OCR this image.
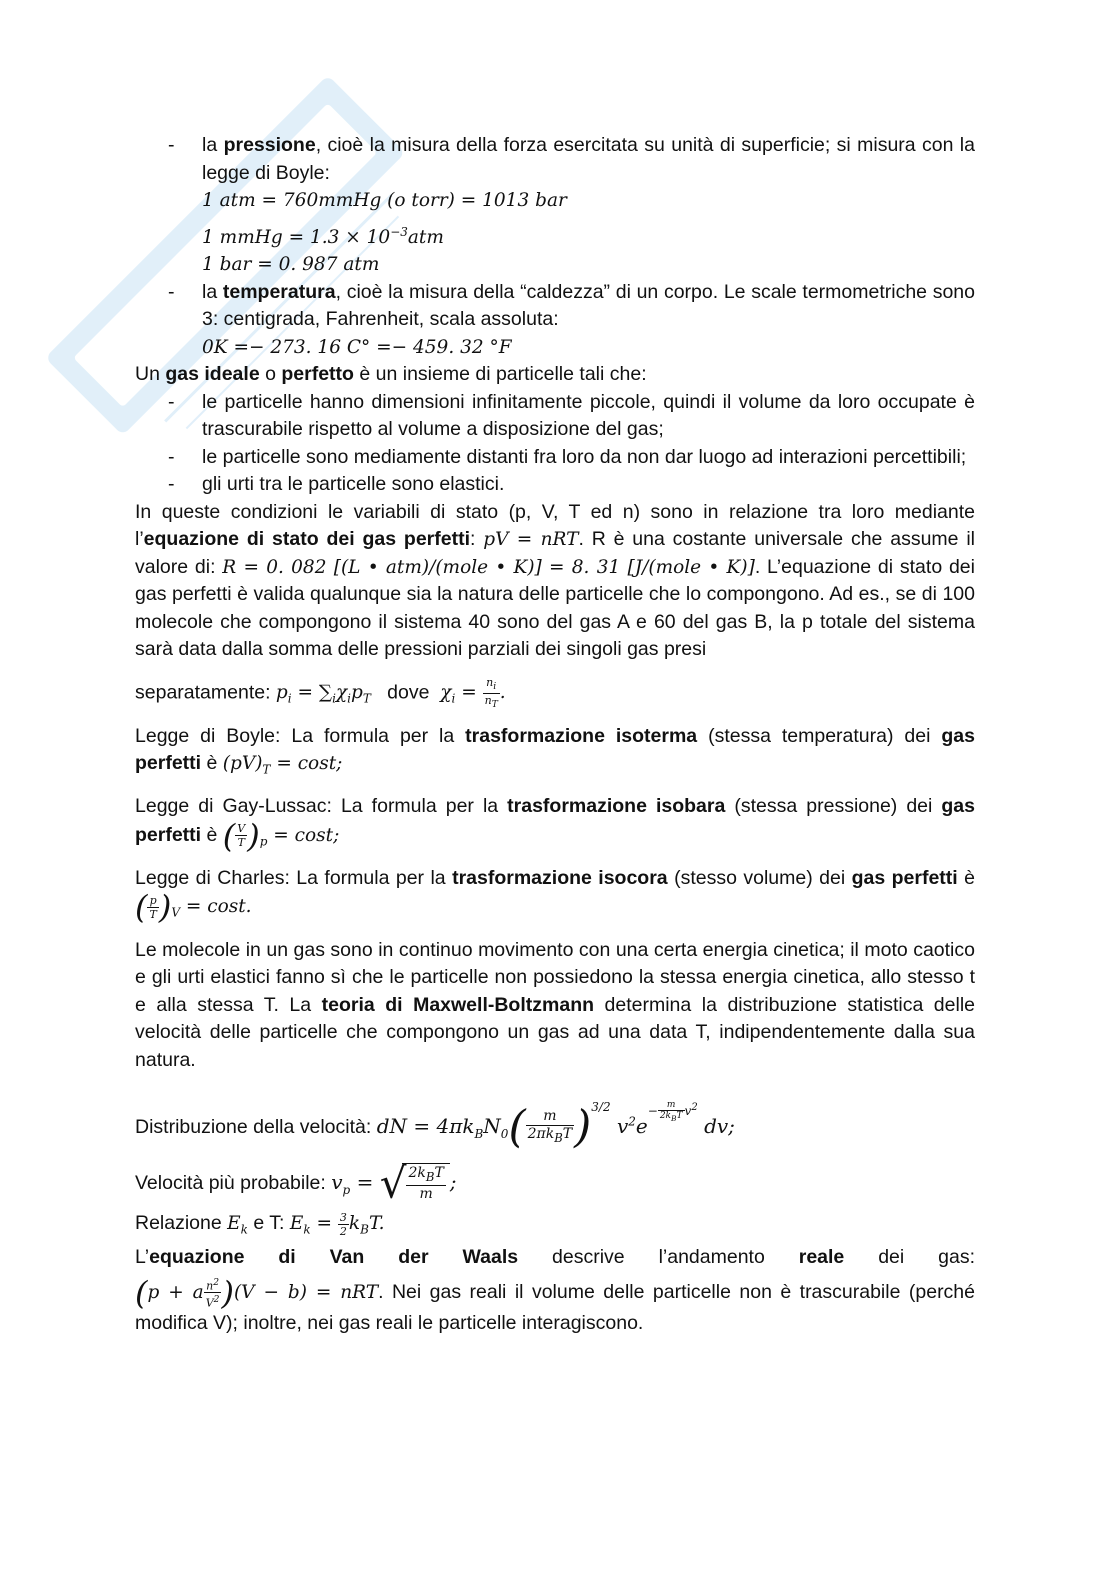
- la pressione, cioè la misura della forza esercitata su unità di superficie; si misura con la legge di Boyle:
1 atm = 760mmHg (o torr) = 1013 bar
1 mmHg = $1.3 \times 10^{-3}atm$
1 bar = 0. 987 atm
- la temperatura, cioè la misura della “caldezza” di un corpo. Le scale termometriche sono 3: centigrada, Fahrenheit, scala assoluta:
0K =− 273. 16 C° =− 459. 32 °F

Un gas ideale o perfetto è un insieme di particelle tali che:

- le particelle hanno dimensioni infinitamente piccole, quindi il volume da loro occupate è trascurabile rispetto al volume a disposizione del gas;
- le particelle sono mediamente distanti fra loro da non dar luogo ad interazioni percettibili;
- gli urti tra le particelle sono elastici.

In queste condizioni le variabili di stato (p, V, T ed n) sono in relazione tra loro mediante l’equazione di stato dei gas perfetti: pV = nRT. R è una costante universale che assume il valore di: R = 0. 082 [(L • atm)/(mole • K)] = 8. 31 [J/(mole • K)]. L’equazione di stato dei gas perfetti è valida qualunque sia la natura delle particelle che lo compongono. Ad es., se di 100 molecole che compongono il sistema 40 sono del gas A e 60 del gas B, la p totale del sistema sarà data dalla somma delle pressioni parziali dei singoli gas presi

separatamente: $p_i = \sum_i\chi_ip_T$ dove $\chi_i = \frac{n_i}{n_T}$ .

Legge di Boyle: La formula per la trasformazione isoterma (stessa temperatura) dei gas perfetti è $(pV)_T = \cos t$;

Legge di Gay-Lussac: La formula per la trasformazione isobara (stessa pressione) dei gas perfetti è ( $\frac{V}{T} )_p = \cos t$;

Legge di Charles: La formula per la trasformazione isocora (stesso volume) dei gas perfetti è ( $\frac{p}{T} )_V = \cos t$.

Le molecole in un gas sono in continuo movimento con una certa energia cinetica; il moto caotico e gli urti elastici fanno sì che le particelle non possiedono la stessa energia cinetica, allo stesso t e alla stessa T. La teoria di Maxwell-Boltzmann determina la distribuzione statistica delle velocità delle particelle che compongono un gas ad una data T, indipendentemente dalla sua natura.

Distribuzione della velocità: dN = $4\pi k_BN_0( \frac{m}{2\pi k_BT} )^{3/2}$ $v^2e^{- \frac{m}{2k_BT} v^2}$ dv;

Velocità più probabile: $v_p$ = √ $\frac{2k_BT}{m}$ ;

Relazione $E_k$ e T: $E_k = \frac{3}{2} k_BT$.

L’equazione di Van der Waals descrive l’andamento reale dei gas:

(p + a $\frac{n^2}{V^2} )(V - b)$ = nRT. Nei gas reali il volume delle particelle non è trascurabile (perché modifica V); inoltre, nei gas reali le particelle interagiscono.
